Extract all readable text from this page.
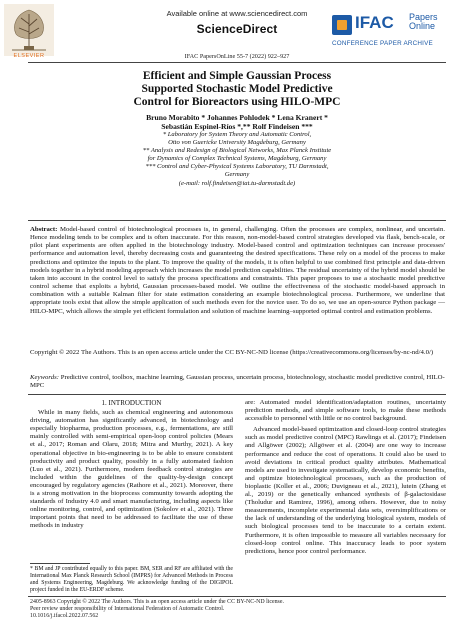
ELSEVIER
Available online at www.sciencedirect.com
ScienceDirect	IFAC Papers
Online
CONFERENCE PAPER ARCHIVE
IFAC PapersOnLine 55-7 (2022) 922–927
Efficient and Simple Gaussian Process
Supported Stochastic Model Predictive
Control for Bioreactors using HILO-MPC
Bruno Morabito * Johannes Pohlodek * Lena Kranert *
Sebastián Espinel-Ríos *,** Rolf Findeisen ***
* Laboratory for System Theory and Automatic Control,
Otto von Guericke University Magdeburg, Germany
** Analysis and Redesign of Biological Networks, Max Planck Institute
for Dynamics of Complex Technical Systems, Magdeburg, Germany
*** Control and Cyber-Physical Systems Laboratory, TU Darmstadt,
Germany
(e-mail: rolf.findeisen@iat.tu-darmstadt.de)
Abstract: Model-based control of biotechnological processes is, in general, challenging. Often the processes are complex, nonlinear, and uncertain. Hence modeling tends to be complex and is often inaccurate. For this reason, non-model-based control strategies developed via flask, bench-scale, or pilot plant experiments are often applied in the biotechnology industry. Model-based control and optimization techniques can increase processes' performance and automation level, thereby decreasing costs and guaranteeing the desired specifications. These rely on a model of the process to make predictions and optimize the inputs to the plant. To improve the quality of the models, it is often helpful to use combined first principle and data-driven models together in a hybrid modeling approach which increases the model prediction capabilities. The residual uncertainty of the hybrid model should be taken into account in the control level to satisfy the process specifications and constraints. This paper proposes to use a stochastic model predictive control scheme that exploits a hybrid, Gaussian processes-based model. We outline the effectiveness of the stochastic model-based approach in combination with a suitable Kalman filter for state estimation considering an example biotechnological process. Furthermore, we underline that appropriate tools exist that allow the simple application of such methods even for the novice user. To do so, we use an open-source Python package — HILO-MPC, which allows the simple yet efficient formulation and solution of machine learning–supported optimal control and estimation problems.
Copyright © 2022 The Authors. This is an open access article under the CC BY-NC-ND license (https://creativecommons.org/licenses/by-nc-nd/4.0/)
Keywords: Predictive control, toolbox, machine learning, Gaussian process, uncertain process, biotechnology, stochastic model predictive control, HILO-MPC
1. INTRODUCTION

While in many fields, such as chemical engineering and autonomous driving, automation has significantly advanced, in biotechnology and especially biopharma, production processes, e.g., fermentations, are still mainly controlled with semi-empirical open-loop control policies (Mears et al., 2017; Roman and Olaru, 2018; Mitra and Murthy, 2021). A key operational objective in bio-engineering is to be able to ensure consistent productivity and product quality, possibly in a fully automated fashion (Luo et al., 2021). Furthermore, modern feedback control strategies are included within the guidelines of the quality-by-design concept encouraged by regulatory agencies (Rathore et al., 2021). Moreover, there is a strong motivation in the bioprocess community towards adopting the standards of Industry 4.0 and smart manufacturing, including aspects like online monitoring, control, and optimization (Sokolov et al., 2021). Three important points that need to be addressed to facilitate the use of these methods in industry

are: Automated model identification/adaptation routines, uncertainty prediction methods, and simple software tools, to make these methods accessible to personnel with little or no control background.

Advanced model-based optimization and closed-loop control strategies such as model predictive control (MPC) Rawlings et al. (2017); Findeisen and Allgöwer (2002); Allgöwer et al. (2004) are one way to increase performance and reduce the cost of operations. It could also be used to avoid deviations in critical product quality attributes. Mathematical models are used to investigate systematically, develop economic benefits, and optimize biotechnological processes, such as the production of bioplastic (Koller et al., 2006; Duvigneau et al., 2021), lutein (Zhang et al., 2019) or the genetically enhanced synthesis of β-galactosidase (Tholudur and Ramirez, 1996), among others. However, due to noisy measurements, incomplete experimental data sets, oversimplifications or the lack of understanding of the underlying biological system, models of such biological processes tend to be inaccurate to a certain extent. Furthermore, it is often impossible to measure all variables necessary for closed-loop control online. This inaccuracy leads to poor system predictions, hence poor control performance.

* BM and JP contributed equally to this paper. BM, SER and RF are affiliated with the International Max Planck Research School (IMPRS) for Advanced Methods in Process and Systems Engineering, Magdeburg. We acknowledge funding of the DIGIPOL project funded in the EU-ERDF scheme.
2405-8963 Copyright © 2022 The Authors. This is an open access article under the CC BY-NC-ND license.
Peer review under responsibility of International Federation of Automatic Control.
10.1016/j.ifacol.2022.07.562
